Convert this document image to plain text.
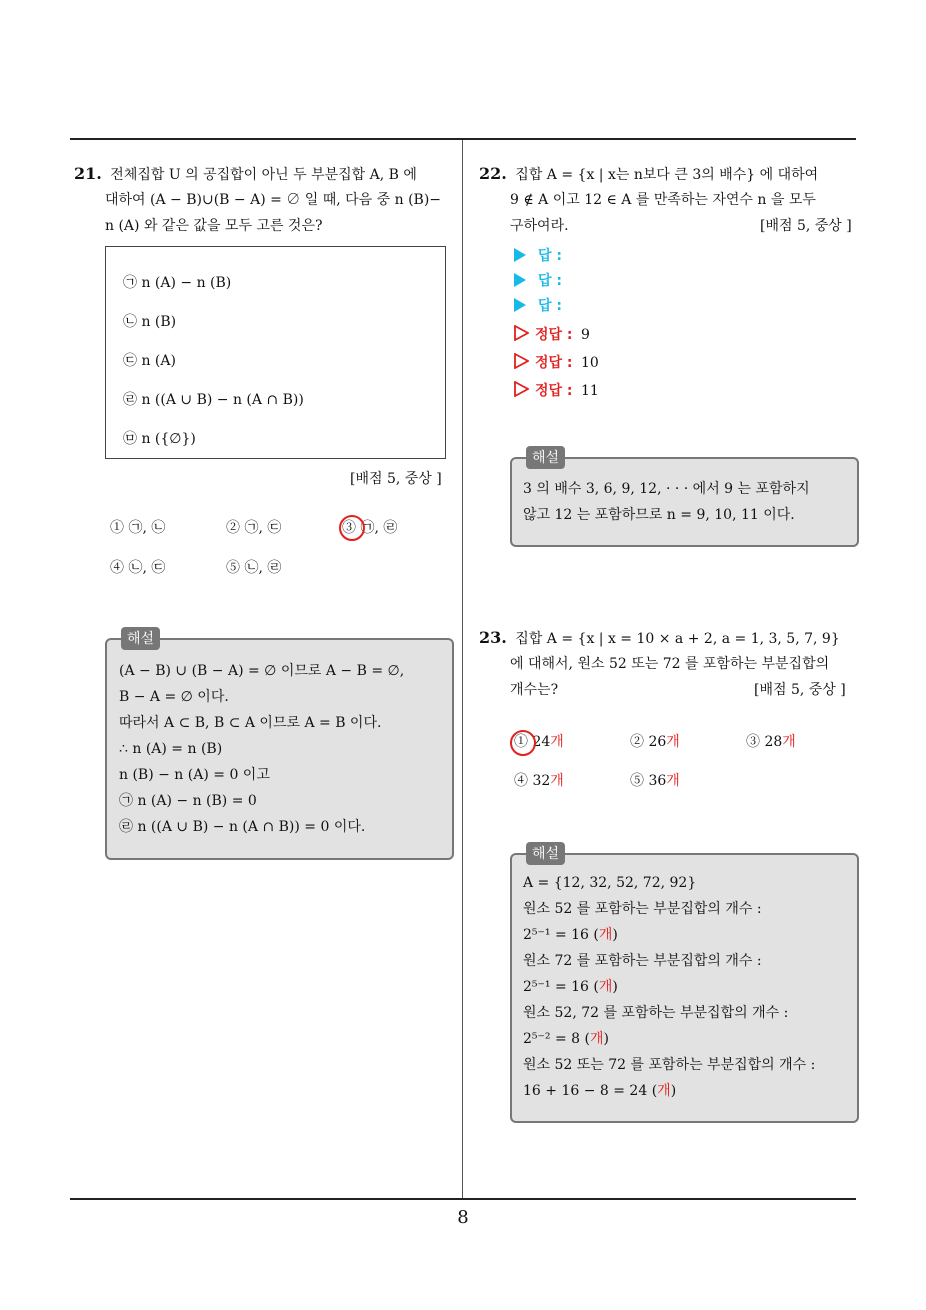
8
21. 전체집합 U 의 공집합이 아닌 두 부분집합 A, B 에
대하여 (A − B)∪(B − A) = ∅ 일 때, 다음 중 n (B)−
n (A) 와 같은 값을 모두 고른 것은?
㉠ n (A) − n (B)
㉡ n (B)
㉢ n (A)
㉣ n ((A ∪ B) − n (A ∩ B))
㉤ n ({∅})
[배점 5, 중상 ]
① ㉠, ㉡	② ㉠, ㉢	③ ㉠, ㉣
④ ㉡, ㉢	⑤ ㉡, ㉣
해설
(A − B) ∪ (B − A) = ∅ 이므로 A − B = ∅,
B − A = ∅ 이다.
따라서 A ⊂ B, B ⊂ A 이므로 A = B 이다.
∴ n (A) = n (B)
n (B) − n (A) = 0 이고
㉠ n (A) − n (B) = 0
㉣ n ((A ∪ B) − n (A ∩ B)) = 0 이다.
22. 집합 A = {x | x는 n보다 큰 3의 배수} 에 대하여
9 ∉ A 이고 12 ∈ A 를 만족하는 자연수 n 을 모두
구하여라.	[배점 5, 중상 ]
답 :
답 :
답 :
정답 : 9
정답 : 10
정답 : 11
해설
3 의 배수 3, 6, 9, 12, · · · 에서 9 는 포함하지
않고 12 는 포함하므로 n = 9, 10, 11 이다.
23. 집합 A = {x | x = 10 × a + 2, a = 1, 3, 5, 7, 9}
에 대해서, 원소 52 또는 72 를 포함하는 부분집합의
개수는?	[배점 5, 중상 ]
① 24개	② 26개	③ 28개
④ 32개	⑤ 36개
해설
A = {12, 32, 52, 72, 92}
원소 52 를 포함하는 부분집합의 개수 :
2⁵⁻¹ = 16 (개)
원소 72 를 포함하는 부분집합의 개수 :
2⁵⁻¹ = 16 (개)
원소 52, 72 를 포함하는 부분집합의 개수 :
2⁵⁻² = 8 (개)
원소 52 또는 72 를 포함하는 부분집합의 개수 :
16 + 16 − 8 = 24 (개)
